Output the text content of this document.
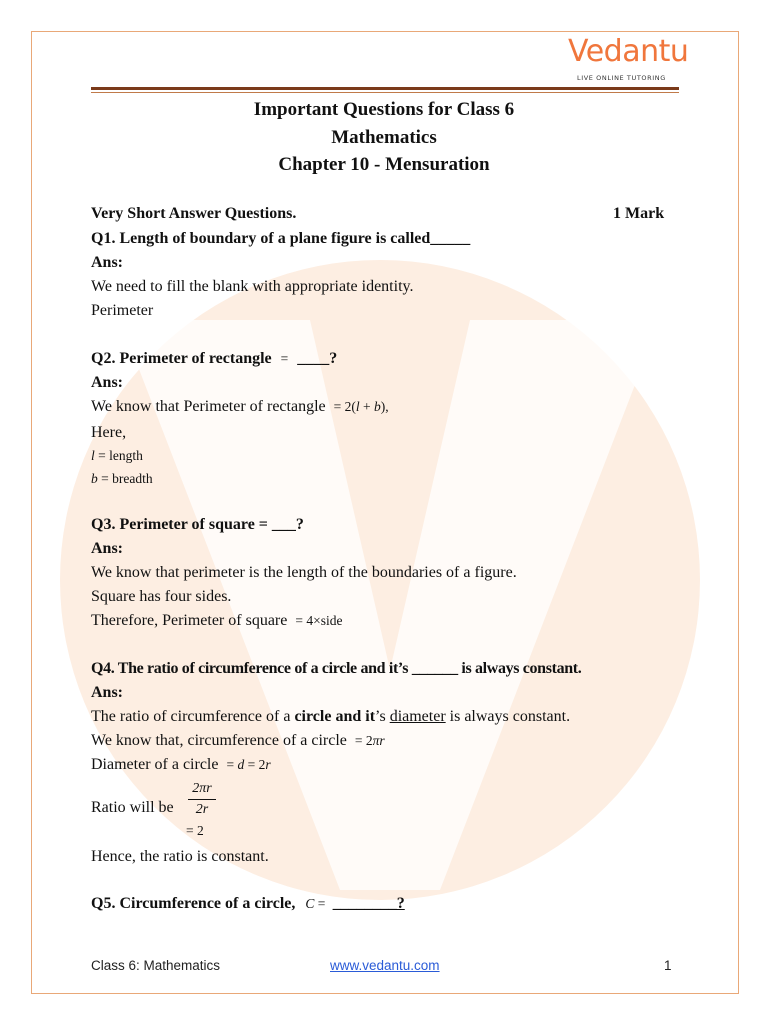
Vedantu
LIVE ONLINE TUTORING
Important Questions for Class 6
Mathematics
Chapter 10 - Mensuration
Very Short Answer Questions.	1 Mark
Q1. Length of boundary of a plane figure is called_____
Ans:
We need to fill the blank with appropriate identity.
Perimeter
Q2. Perimeter of rectangle = ____?
Ans:
We know that Perimeter of rectangle = 2(l + b),
Here,
l = length
b = breadth
Q3. Perimeter of square = ___?
Ans:
We know that perimeter is the length of the boundaries of a figure.
Square has four sides.
Therefore, Perimeter of square = 4×side
Q4. The ratio of circumference of a circle and it’s ______ is always constant.
Ans:
The ratio of circumference of a circle and it’s diameter is always constant.
We know that, circumference of a circle = 2πr
Diameter of a circle = d = 2r
Ratio will be
2πr
2r
= 2
Hence, the ratio is constant.
Q5. Circumference of a circle, C = ________?
Class 6: Mathematics	www.vedantu.com	1
